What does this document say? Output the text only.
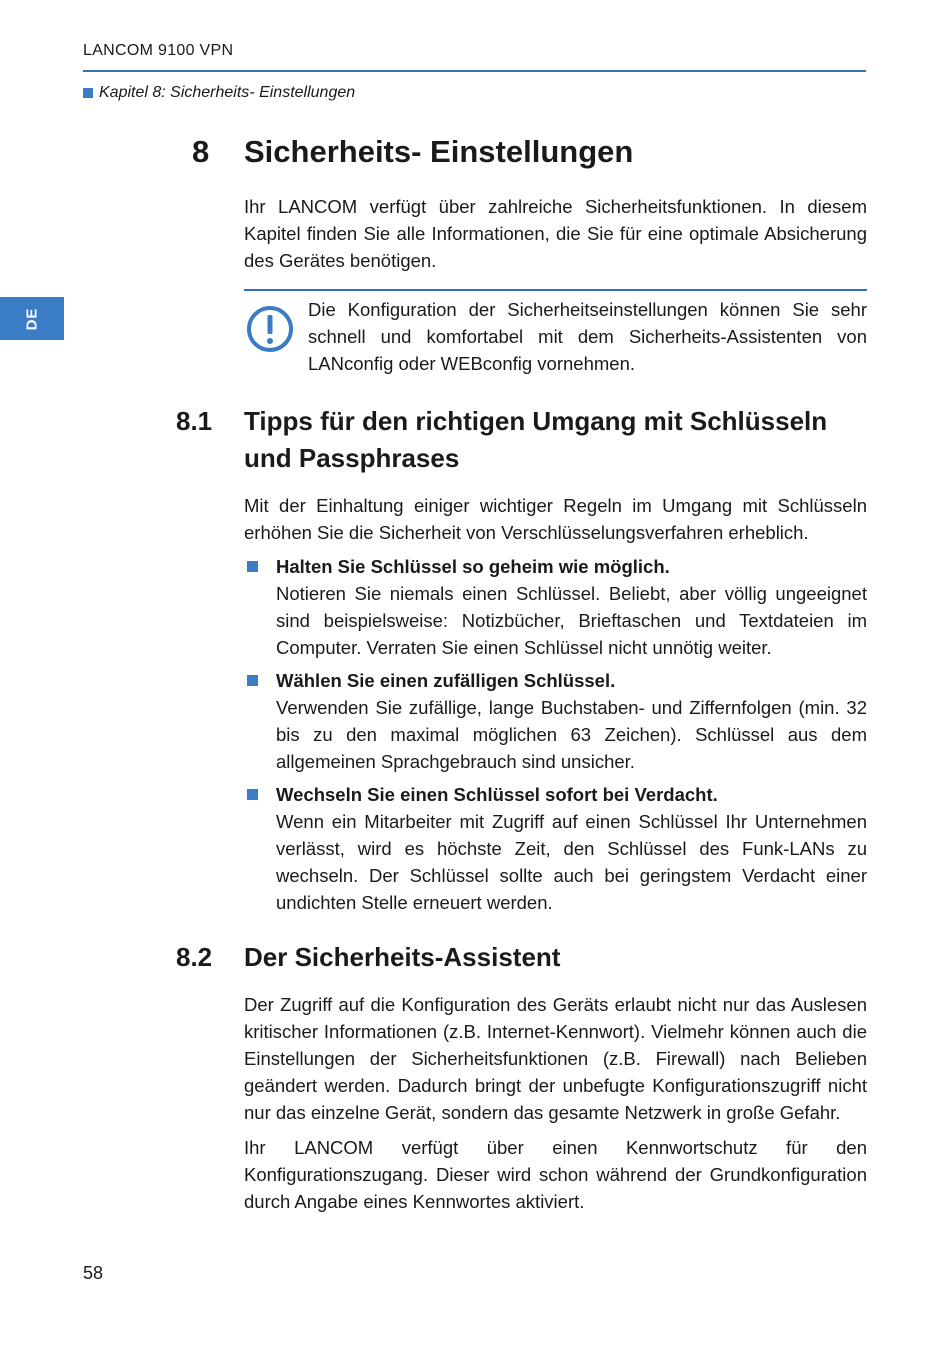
LANCOM 9100 VPN
Kapitel 8: Sicherheits- Einstellungen
DE
8 Sicherheits- Einstellungen

Ihr LANCOM verfügt über zahlreiche Sicherheitsfunktionen. In diesem Kapitel finden Sie alle Informationen, die Sie für eine optimale Absicherung des Gerätes benötigen.

Die Konfiguration der Sicherheitseinstellungen können Sie sehr schnell und komfortabel mit dem Sicherheits-Assistenten von LANconfig oder WEBconfig vornehmen.

8.1 Tipps für den richtigen Umgang mit Schlüsseln und Passphrases

Mit der Einhaltung einiger wichtiger Regeln im Umgang mit Schlüsseln erhöhen Sie die Sicherheit von Verschlüsselungsverfahren erheblich.

Halten Sie Schlüssel so geheim wie möglich.

Notieren Sie niemals einen Schlüssel. Beliebt, aber völlig ungeeignet sind beispielsweise: Notizbücher, Brieftaschen und Textdateien im Computer. Verraten Sie einen Schlüssel nicht unnötig weiter.

Wählen Sie einen zufälligen Schlüssel.

Verwenden Sie zufällige, lange Buchstaben- und Ziffernfolgen (min. 32 bis zu den maximal möglichen 63 Zeichen). Schlüssel aus dem allgemeinen Sprachgebrauch sind unsicher.

Wechseln Sie einen Schlüssel sofort bei Verdacht.

Wenn ein Mitarbeiter mit Zugriff auf einen Schlüssel Ihr Unternehmen verlässt, wird es höchste Zeit, den Schlüssel des Funk-LANs zu wechseln. Der Schlüssel sollte auch bei geringstem Verdacht einer undichten Stelle erneuert werden.

8.2 Der Sicherheits-Assistent

Der Zugriff auf die Konfiguration des Geräts erlaubt nicht nur das Auslesen kritischer Informationen (z.B. Internet-Kennwort). Vielmehr können auch die Einstellungen der Sicherheitsfunktionen (z.B. Firewall) nach Belieben geändert werden. Dadurch bringt der unbefugte Konfigurationszugriff nicht nur das einzelne Gerät, sondern das gesamte Netzwerk in große Gefahr.

Ihr LANCOM verfügt über einen Kennwortschutz für den Konfigurationszugang. Dieser wird schon während der Grundkonfiguration durch Angabe eines Kennwortes aktiviert.

58
